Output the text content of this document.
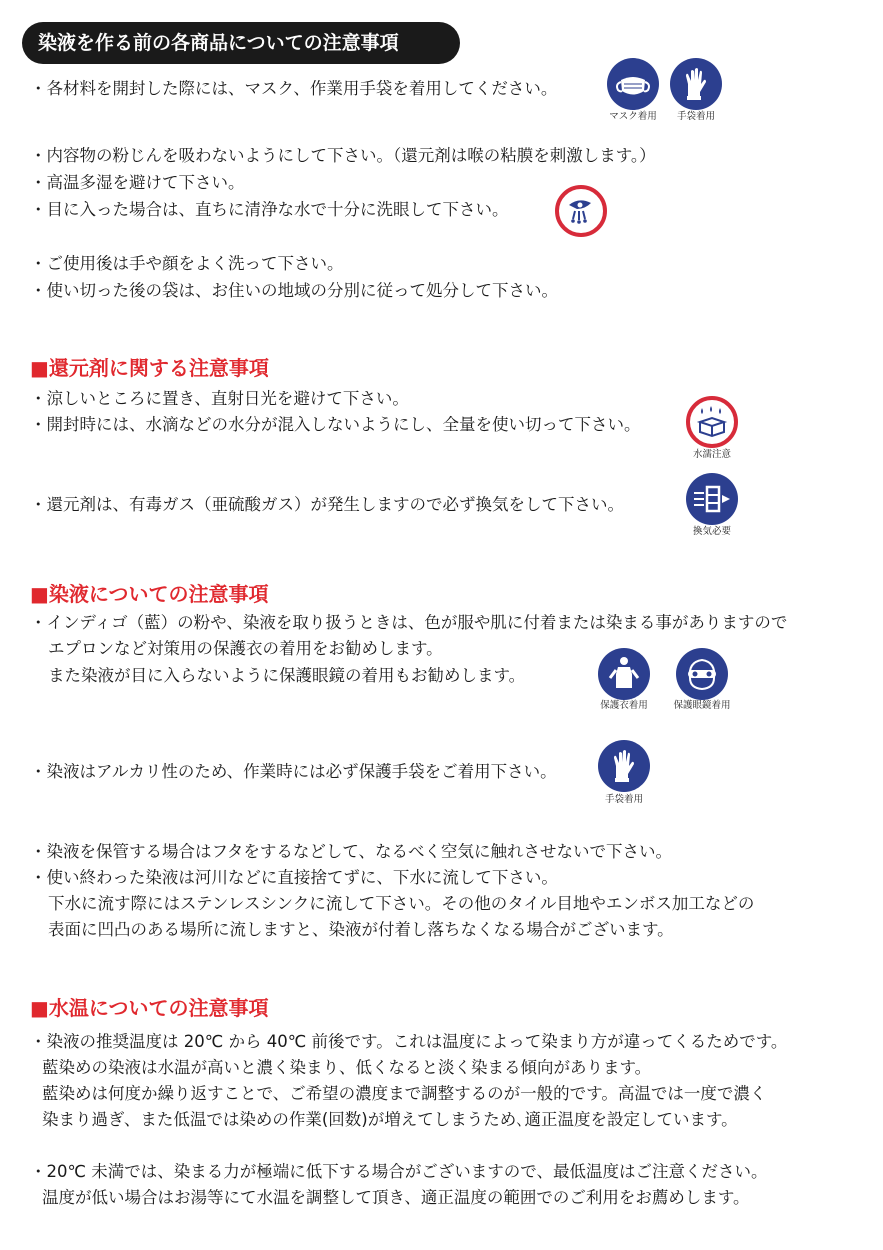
染液を作る前の各商品についての注意事項
・各材料を開封した際には、マスク、作業用手袋を着用してください。
・内容物の粉じんを吸わないようにして下さい。（還元剤は喉の粘膜を刺激します。）
・高温多湿を避けて下さい。
・目に入った場合は、直ちに清浄な水で十分に洗眼して下さい。
・ご使用後は手や顔をよく洗って下さい。
・使い切った後の袋は、お住いの地域の分別に従って処分して下さい。
マスク着用	手袋着用
■還元剤に関する注意事項
・涼しいところに置き、直射日光を避けて下さい。
・開封時には、水滴などの水分が混入しないようにし、全量を使い切って下さい。
・還元剤は、有毒ガス（亜硫酸ガス）が発生しますので必ず換気をして下さい。
水濡注意
換気必要
■染液についての注意事項
・インディゴ（藍）の粉や、染液を取り扱うときは、色が服や肌に付着または染まる事がありますので
エプロンなど対策用の保護衣の着用をお勧めします。
また染液が目に入らないように保護眼鏡の着用もお勧めします。
・染液はアルカリ性のため、作業時には必ず保護手袋をご着用下さい。
・染液を保管する場合はフタをするなどして、なるべく空気に触れさせないで下さい。
・使い終わった染液は河川などに直接捨てずに、下水に流して下さい。
下水に流す際にはステンレスシンクに流して下さい。その他のタイル目地やエンボス加工などの
表面に凹凸のある場所に流しますと、染液が付着し落ちなくなる場合がございます。
保護衣着用	保護眼鏡着用
手袋着用
■水温についての注意事項
・染液の推奨温度は 20℃ から 40℃ 前後です。これは温度によって染まり方が違ってくるためです。
藍染めの染液は水温が高いと濃く染まり、低くなると淡く染まる傾向があります。
藍染めは何度か繰り返すことで、ご希望の濃度まで調整するのが一般的です。高温では一度で濃く
染まり過ぎ、また低温では染めの作業(回数)が増えてしまうため､適正温度を設定しています。
・20℃ 未満では、染まる力が極端に低下する場合がございますので、最低温度はご注意ください。
温度が低い場合はお湯等にて水温を調整して頂き、適正温度の範囲でのご利用をお薦めします。
